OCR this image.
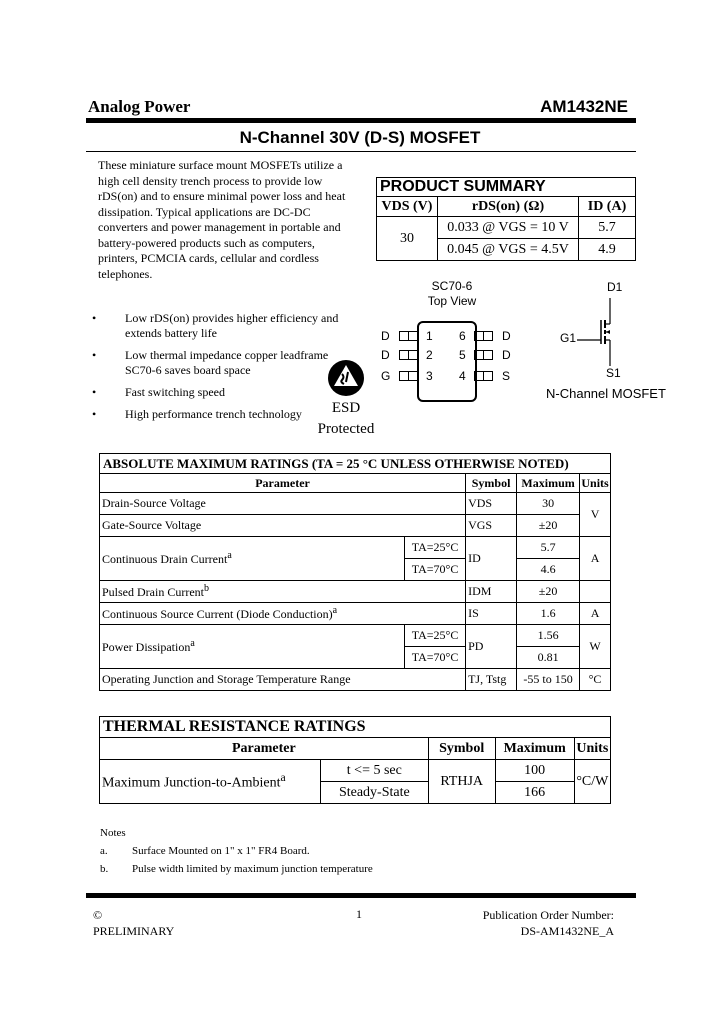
Analog Power	AM1432NE
N-Channel 30V (D-S) MOSFET
These miniature surface mount MOSFETs utilize a high cell density trench process to provide low rDS(on) and to ensure minimal power loss and heat dissipation. Typical applications are DC-DC converters and power management in portable and battery-powered products such as computers, printers, PCMCIA cards, cellular and cordless telephones.
PRODUCT SUMMARY		
VDS (V)	rDS(on) (Ω)	ID (A)
30	0.033 @ VGS = 10 V	5.7
	0.045 @ VGS = 4.5V	4.9
• Low rDS(on) provides higher efficiency and extends battery life
• Low thermal impedance copper leadframe SC70-6 saves board space
• Fast switching speed
• High performance trench technology	ESD
Protected
SC70-6
Top View
D	1
D	2
G	3
6	D
5	D
4	S
D1
G1
S1
N-Channel MOSFET
ABSOLUTE MAXIMUM RATINGS (TA = 25 °C UNLESS OTHERWISE NOTED)				
Parameter		Symbol	Maximum	Units
Drain-Source Voltage		VDS	30	V
Gate-Source Voltage		VGS	±20	
Continuous Drain Current$^a$	TA=25°C	ID	5.7	A
	TA=70°C		4.6	
Pulsed Drain Current$^b$		IDM	±20	
Continuous Source Current (Diode Conduction)$^a$		IS	1.6	A
Power Dissipation$^a$	TA=25°C	PD	1.56	W
	TA=70°C		0.81	
Operating Junction and Storage Temperature Range		TJ, Tstg	-55 to 150	°C
THERMAL RESISTANCE RATINGS				
Parameter		Symbol	Maximum	Units
Maximum Junction-to-Ambient$^a$	t <= 5 sec	RTHJA	100	°C/W
	Steady-State		166	
Notes
a.	Surface Mounted on 1" x 1" FR4 Board.
b.	Pulse width limited by maximum junction temperature
©
PRELIMINARY
1	Publication Order Number:
DS-AM1432NE_A
